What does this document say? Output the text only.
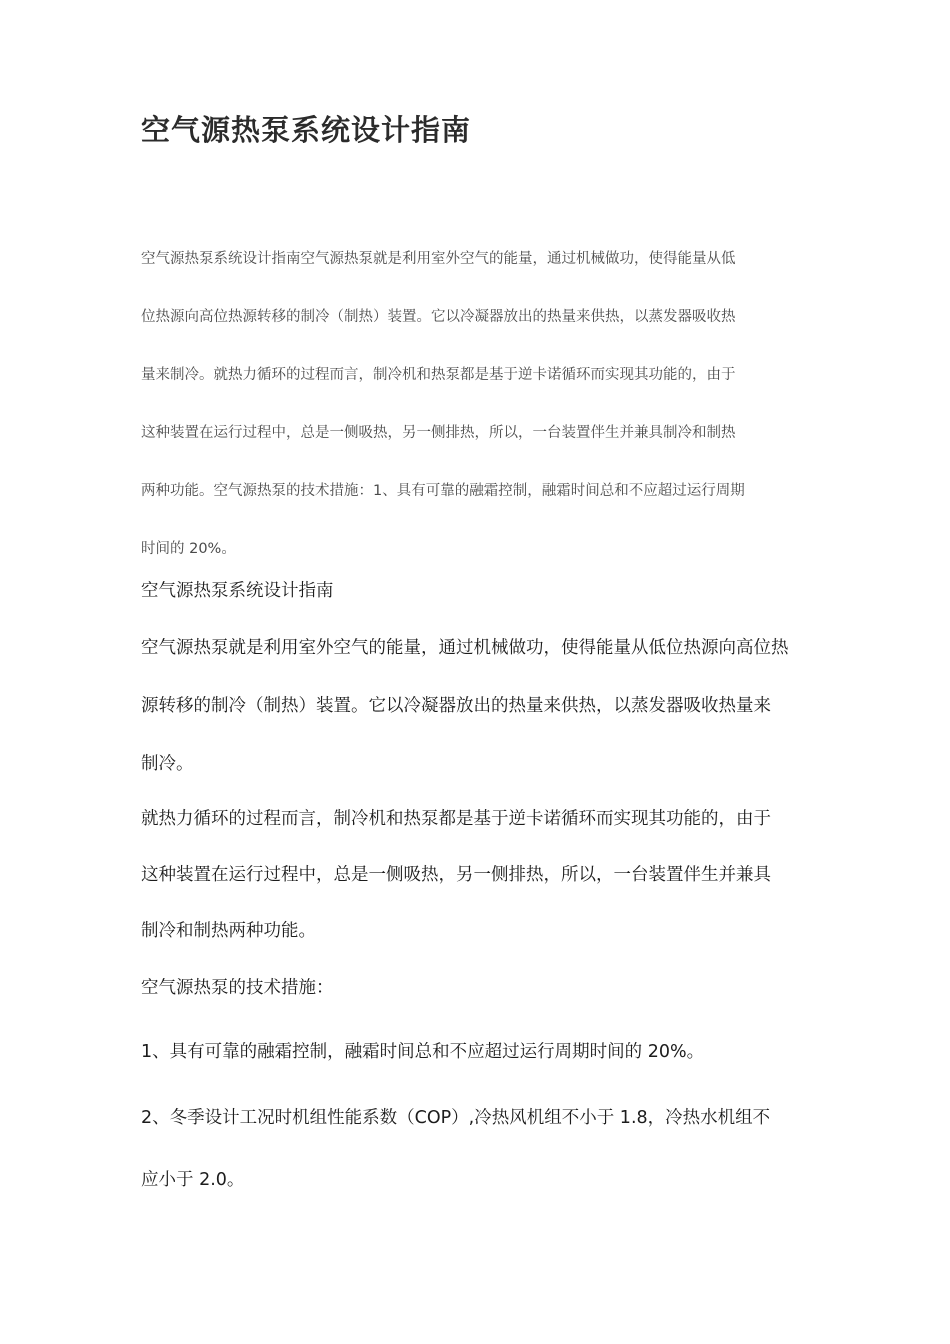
空气源热泵系统设计指南

空气源热泵系统设计指南空气源热泵就是利用室外空气的能量，通过机械做功，使得能量从低
位热源向高位热源转移的制冷（制热）装置。它以冷凝器放出的热量来供热，以蒸发器吸收热
量来制冷。就热力循环的过程而言，制冷机和热泵都是基于逆卡诺循环而实现其功能的，由于
这种装置在运行过程中，总是一侧吸热，另一侧排热，所以，一台装置伴生并兼具制冷和制热
两种功能。空气源热泵的技术措施：1、具有可靠的融霜控制，融霜时间总和不应超过运行周期
时间的 20%。

空气源热泵系统设计指南

空气源热泵就是利用室外空气的能量，通过机械做功，使得能量从低位热源向高位热
源转移的制冷（制热）装置。它以冷凝器放出的热量来供热，以蒸发器吸收热量来
制冷。

就热力循环的过程而言，制冷机和热泵都是基于逆卡诺循环而实现其功能的，由于
这种装置在运行过程中，总是一侧吸热，另一侧排热，所以，一台装置伴生并兼具
制冷和制热两种功能。

空气源热泵的技术措施：

1、具有可靠的融霜控制，融霜时间总和不应超过运行周期时间的 20%。

2、冬季设计工况时机组性能系数（COP）,冷热风机组不小于 1.8，冷热水机组不
应小于 2.0。
